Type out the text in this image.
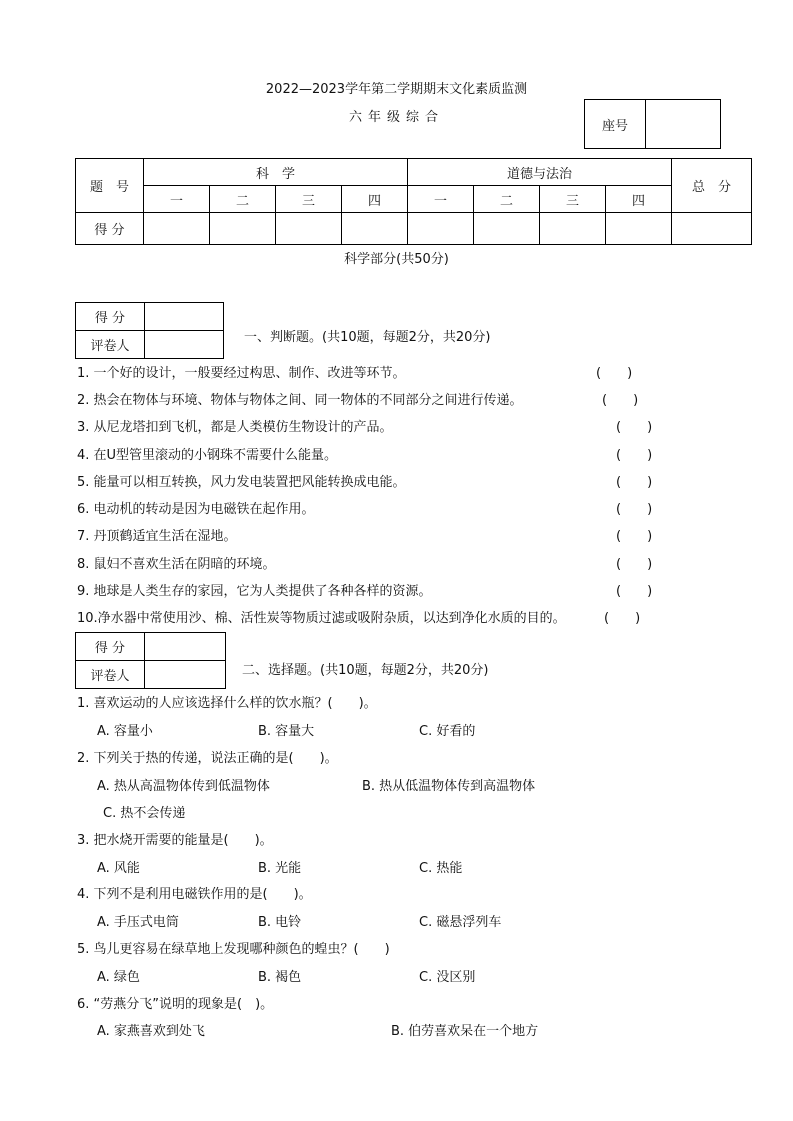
2022—2023学年第二学期期末文化素质监测
六年级综合
座号	
题　号	科　学				道德与法治				总　分
	一	二	三	四	一	二	三	四	
得 分									
科学部分(共50分)
得 分	
评卷人	
一、判断题。(共10题，每题2分，共20分)
1. 一个好的设计，一般要经过构思、制作、改进等环节。	(　　)
2. 热会在物体与环境、物体与物体之间、同一物体的不同部分之间进行传递。	(　　)
3. 从尼龙塔扣到飞机，都是人类模仿生物设计的产品。	(　　)
4. 在U型管里滚动的小钢珠不需要什么能量。	(　　)
5. 能量可以相互转换，风力发电装置把风能转换成电能。	(　　)
6. 电动机的转动是因为电磁铁在起作用。	(　　)
7. 丹顶鹤适宜生活在湿地。	(　　)
8. 鼠妇不喜欢生活在阴暗的环境。	(　　)
9. 地球是人类生存的家园，它为人类提供了各种各样的资源。	(　　)
10.净水器中常使用沙、棉、活性炭等物质过滤或吸附杂质，以达到净化水质的目的。	(　　)
得 分	
评卷人		二、选择题。(共10题，每题2分，共20分)
1. 喜欢运动的人应该选择什么样的饮水瓶？(　　)。
A. 容量小	B. 容量大	C. 好看的
2. 下列关于热的传递，说法正确的是(　　)。
A. 热从高温物体传到低温物体	B. 热从低温物体传到高温物体
C. 热不会传递
3. 把水烧开需要的能量是(　　)。
A. 风能	B. 光能	C. 热能
4. 下列不是利用电磁铁作用的是(　　)。
A. 手压式电筒	B. 电铃	C. 磁悬浮列车
5. 鸟儿更容易在绿草地上发现哪种颜色的蝗虫？(　　)
A. 绿色	B. 褐色	C. 没区别
6. “劳燕分飞”说明的现象是(　)。
A. 家燕喜欢到处飞	B. 伯劳喜欢呆在一个地方
